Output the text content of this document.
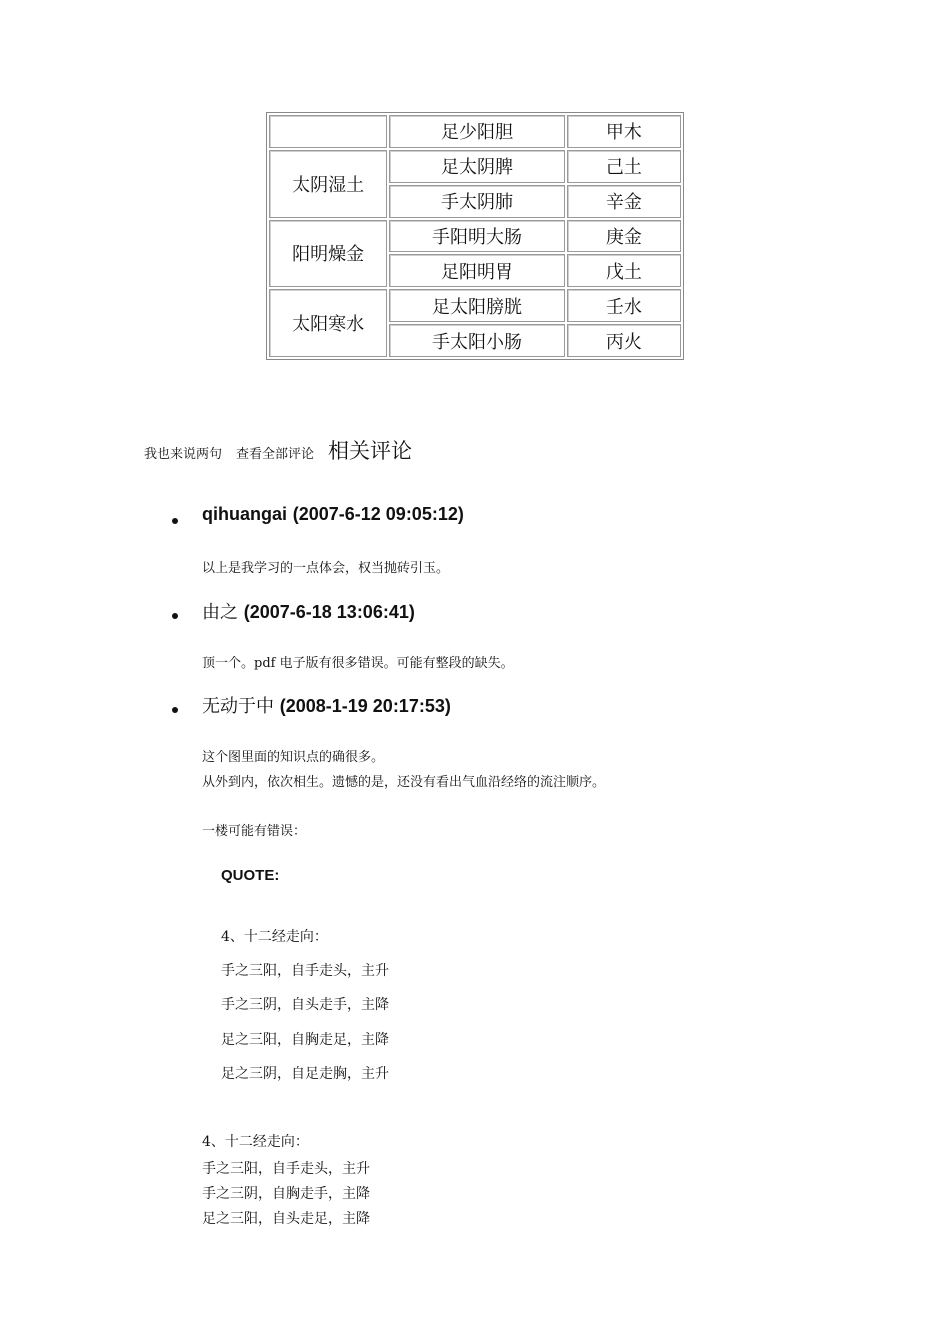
	足少阳胆	甲木
太阴湿土	足太阴脾	己土
	手太阴肺	辛金
阳明燥金	手阳明大肠	庚金
	足阳明胃	戊土
太阳寒水	足太阳膀胱	壬水
	手太阳小肠	丙火
我也来说两句 查看全部评论 相关评论
qihuangai (2007-6-12 09:05:12)
以上是我学习的一点体会，权当抛砖引玉。
由之 (2007-6-18 13:06:41)
顶一个。pdf 电子版有很多错误。可能有整段的缺失。
无动于中 (2008-1-19 20:17:53)
这个图里面的知识点的确很多。
从外到内，依次相生。遗憾的是，还没有看出气血沿经络的流注顺序。
一楼可能有错误：
QUOTE:
4、十二经走向：
手之三阳，自手走头，主升
手之三阴，自头走手，主降
足之三阳，自胸走足，主降
足之三阴，自足走胸，主升
4、十二经走向：
手之三阳，自手走头，主升
手之三阴，自胸走手，主降
足之三阳，自头走足，主降
